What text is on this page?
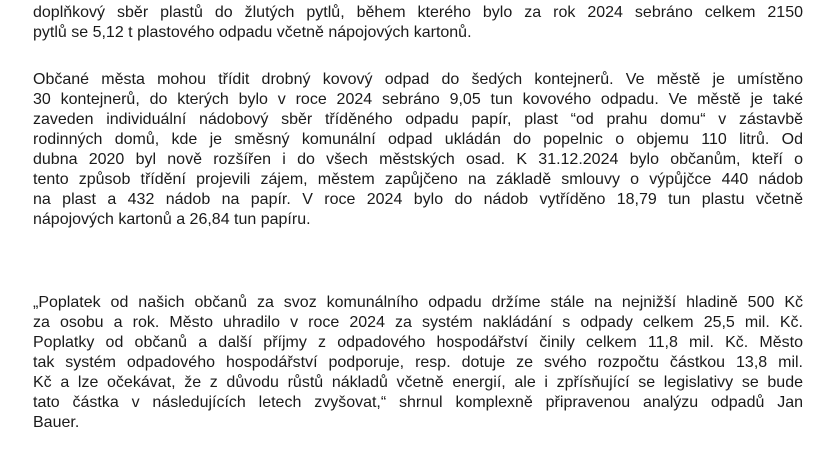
doplňkový sběr plastů do žlutých pytlů, během kterého bylo za rok 2024 sebráno celkem 2150
pytlů se 5,12 t plastového odpadu včetně nápojových kartonů.
Občané města mohou třídit drobný kovový odpad do šedých kontejnerů. Ve městě je umístěno
30 kontejnerů, do kterých bylo v roce 2024 sebráno 9,05 tun kovového odpadu. Ve městě je také
zaveden individuální nádobový sběr tříděného odpadu papír, plast “od prahu domu“ v zástavbě
rodinných domů, kde je směsný komunální odpad ukládán do popelnic o objemu 110 litrů. Od
dubna 2020 byl nově rozšířen i do všech městských osad. K 31.12.2024 bylo občanům, kteří o
tento způsob třídění projevili zájem, městem zapůjčeno na základě smlouvy o výpůjčce 440 nádob
na plast a 432 nádob na papír. V roce 2024 bylo do nádob vytříděno 18,79 tun plastu včetně
nápojových kartonů a 26,84 tun papíru.
„Poplatek od našich občanů za svoz komunálního odpadu držíme stále na nejnižší hladině 500 Kč
za osobu a rok. Město uhradilo v roce 2024 za systém nakládání s odpady celkem 25,5 mil. Kč.
Poplatky od občanů a další příjmy z odpadového hospodářství činily celkem 11,8 mil. Kč. Město
tak systém odpadového hospodářství podporuje, resp. dotuje ze svého rozpočtu částkou 13,8 mil.
Kč a lze očekávat, že z důvodu růstů nákladů včetně energií, ale i zpřísňující se legislativy se bude
tato částka v následujících letech zvyšovat,“ shrnul komplexně připravenou analýzu odpadů Jan
Bauer.
